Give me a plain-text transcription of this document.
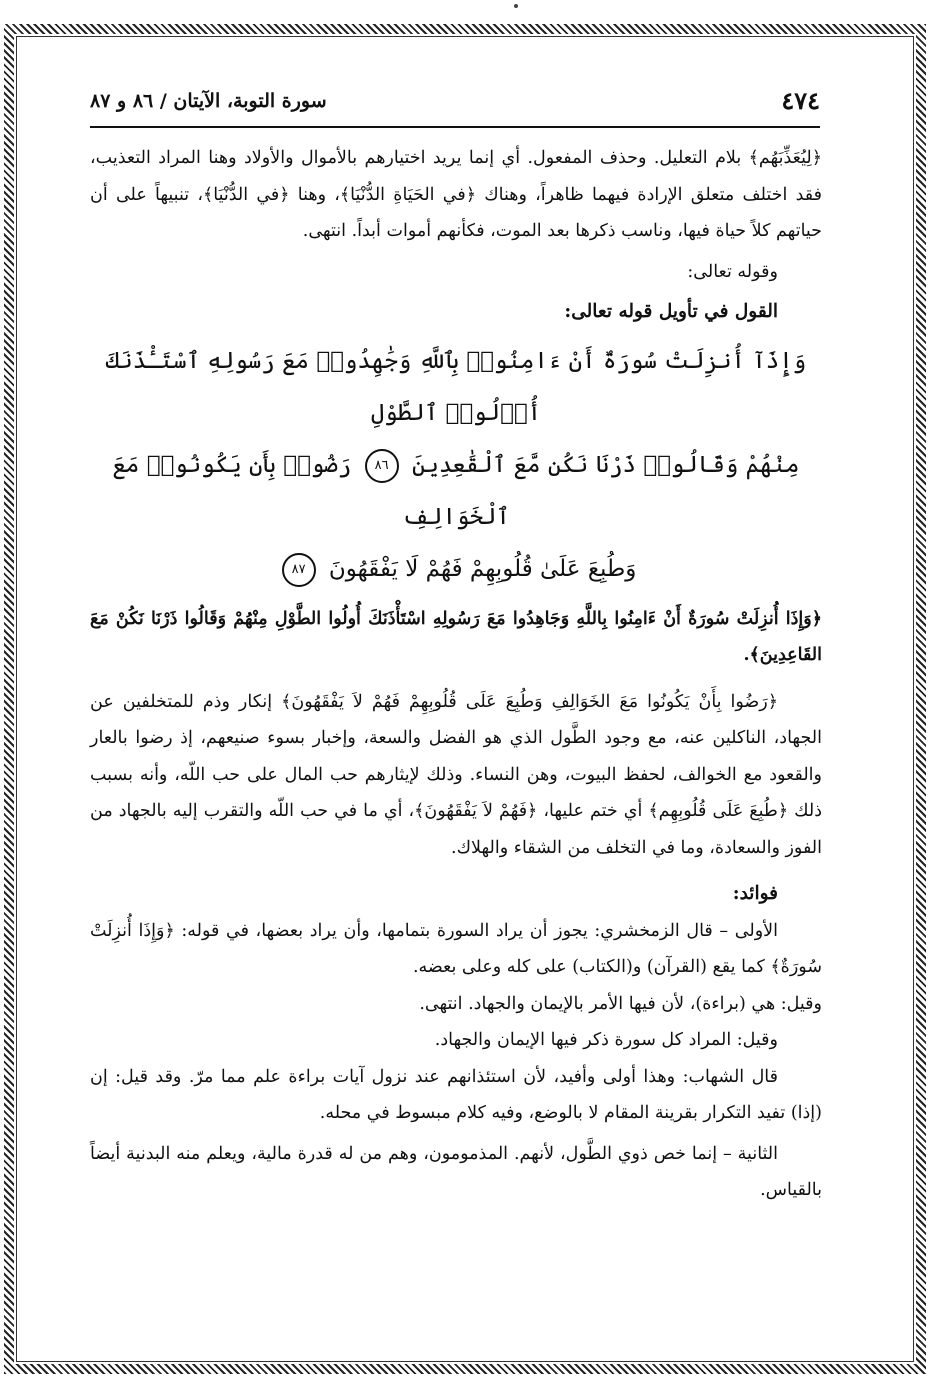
٤٧٤
سورة التوبة، الآيتان / ٨٦ و ٨٧

﴿لِيُعَذِّبَهُم﴾ بلام التعليل. وحذف المفعول. أي إنما يريد اختيارهم بالأموال والأولاد وهنا المراد التعذيب، فقد اختلف متعلق الإرادة فيهما ظاهراً، وهناك ﴿في الحَيَاةِ الدُّنْيَا﴾، وهنا ﴿في الدُّنْيَا﴾، تنبيهاً على أن حياتهم كلاً حياة فيها، وناسب ذكرها بعد الموت، فكأنهم أموات أبداً. انتهى.

وقوله تعالى:

القول في تأويل قوله تعالى:

وَإِذَآ أُنزِلَتْ سُورَةٌ أَنْ ءَامِنُوا۟ بِٱللَّهِ وَجَٰهِدُوا۟ مَعَ رَسُولِهِ ٱسْتَـْٔذَنَكَ أُو۟لُوا۟ ٱلطَّوْلِ
مِنْهُمْ وَقَالُوا۟ ذَرْنَا نَكُن مَّعَ ٱلْقَٰعِدِينَ ٨٦ رَضُوا۟ بِأَن يَكُونُوا۟ مَعَ ٱلْخَوَالِفِ
وَطُبِعَ عَلَىٰ قُلُوبِهِمْ فَهُمْ لَا يَفْقَهُونَ ٨٧

﴿وَإِذَا أُنزِلَتْ سُورَةٌ أَنْ ءَامِنُوا بِاللَّهِ وَجَاهِدُوا مَعَ رَسُولِهِ اسْتَأْذَنَكَ أُولُوا الطَّوْلِ مِنْهُمْ وَقَالُوا ذَرْنَا نَكُنْ مَعَ القَاعِدِينَ﴾.

﴿رَضُوا بِأَنْ يَكُونُوا مَعَ الخَوَالِفِ وَطُبِعَ عَلَى قُلُوبِهِمْ فَهُمْ لاَ يَفْقَهُونَ﴾ إنكار وذم للمتخلفين عن الجهاد، الناكلين عنه، مع وجود الطَّول الذي هو الفضل والسعة، وإخبار بسوء صنيعهم، إذ رضوا بالعار والقعود مع الخوالف، لحفظ البيوت، وهن النساء. وذلك لإيثارهم حب المال على حب اللّه، وأنه بسبب ذلك ﴿طُبِعَ عَلَى قُلُوبِهِم﴾ أي ختم عليها، ﴿فَهُمْ لاَ يَفْقَهُونَ﴾، أي ما في حب اللّه والتقرب إليه بالجهاد من الفوز والسعادة، وما في التخلف من الشقاء والهلاك.

فوائد:

الأولى – قال الزمخشري: يجوز أن يراد السورة بتمامها، وأن يراد بعضها، في قوله: ﴿وَإِذَا أُنزِلَتْ سُورَةٌ﴾ كما يقع (القرآن) و(الكتاب) على كله وعلى بعضه.

وقيل: هي (براءة)، لأن فيها الأمر بالإيمان والجهاد. انتهى.

وقيل: المراد كل سورة ذكر فيها الإيمان والجهاد.

قال الشهاب: وهذا أولى وأفيد، لأن استئذانهم عند نزول آيات براءة علم مما مرّ. وقد قيل: إن (إذا) تفيد التكرار بقرينة المقام لا بالوضع، وفيه كلام مبسوط في محله.

الثانية – إنما خص ذوي الطَّول، لأنهم. المذمومون، وهم من له قدرة مالية، ويعلم منه البدنية أيضاً بالقياس.
